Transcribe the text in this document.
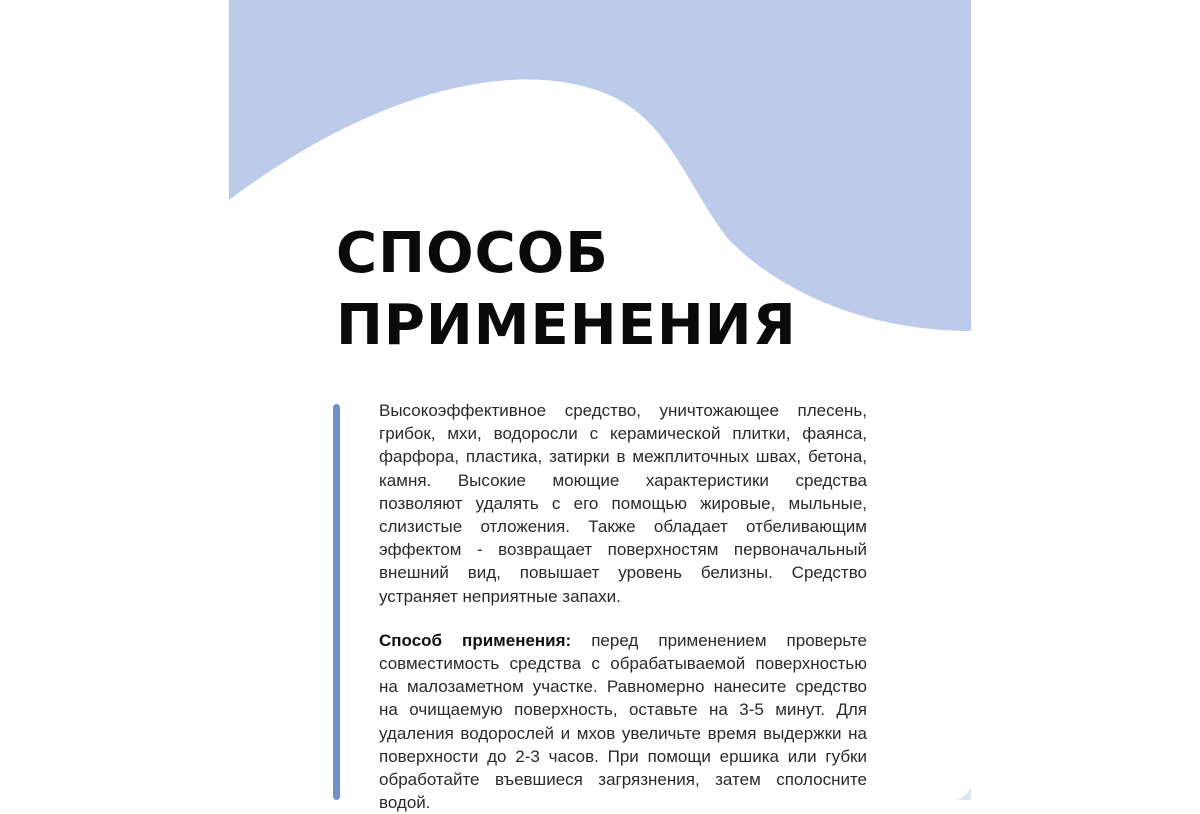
СПОСОБ
ПРИМЕНЕНИЯ

Высокоэффективное средство, уничтожающее плесень, грибок, мхи, водоросли с керамической плитки, фаянса, фарфора, пластика, затирки в межплиточных швах, бетона, камня. Высокие моющие характеристики средства позволяют удалять с его помощью жировые, мыльные, слизистые отложения. Также обладает отбеливающим эффектом - возвращает поверхностям первоначальный внешний вид, повышает уровень белизны. Средство устраняет неприятные запахи.

Способ применения: перед применением проверьте совместимость средства с обрабатываемой поверхностью на малозаметном участке. Равномерно нанесите средство на очищаемую поверхность, оставьте на 3-5 минут. Для удаления водорослей и мхов увеличьте время выдержки на поверхности до 2-3 часов. При помощи ершика или губки обработайте въевшиеся загрязнения, затем сполосните водой.
